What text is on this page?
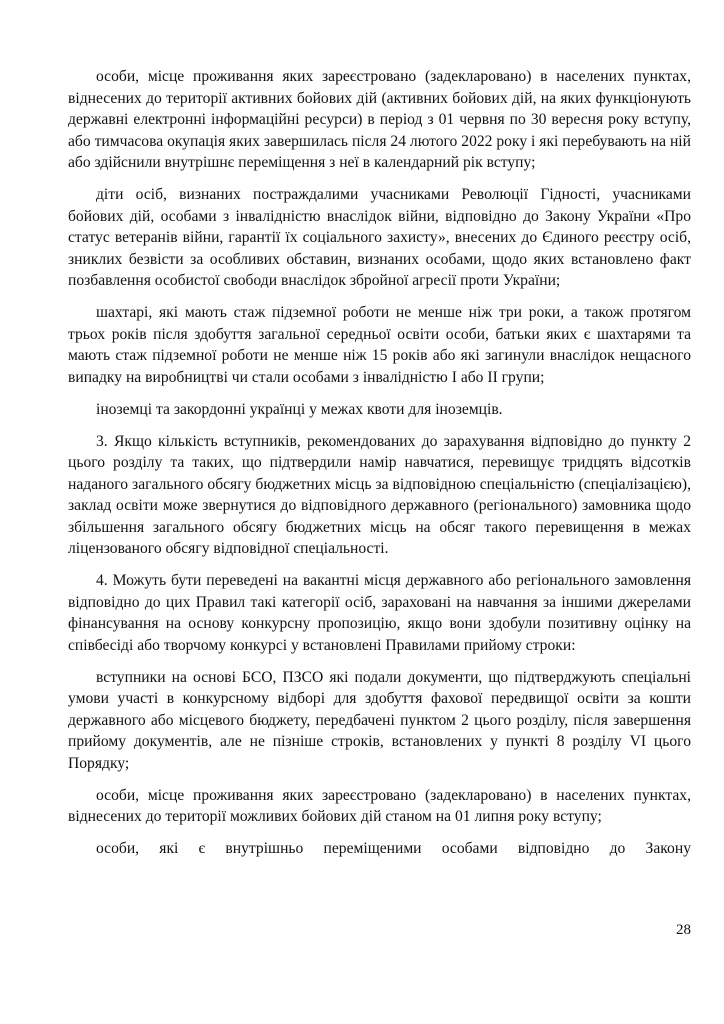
особи, місце проживання яких зареєстровано (задекларовано) в населених пунктах, віднесених до території активних бойових дій (активних бойових дій, на яких функціонують державні електронні інформаційні ресурси) в період з 01 червня по 30 вересня року вступу, або тимчасова окупація яких завершилась після 24 лютого 2022 року і які перебувають на ній або здійснили внутрішнє переміщення з неї в календарний рік вступу;

діти осіб, визнаних постраждалими учасниками Революції Гідності, учасниками бойових дій, особами з інвалідністю внаслідок війни, відповідно до Закону України «Про статус ветеранів війни, гарантії їх соціального захисту», внесених до Єдиного реєстру осіб, зниклих безвісти за особливих обставин, визнаних особами, щодо яких встановлено факт позбавлення особистої свободи внаслідок збройної агресії проти України;

шахтарі, які мають стаж підземної роботи не менше ніж три роки, а також протягом трьох років після здобуття загальної середньої освіти особи, батьки яких є шахтарями та мають стаж підземної роботи не менше ніж 15 років або які загинули внаслідок нещасного випадку на виробництві чи стали особами з інвалідністю I або II групи;

іноземці та закордонні українці у межах квоти для іноземців.

3. Якщо кількість вступників, рекомендованих до зарахування відповідно до пункту 2 цього розділу та таких, що підтвердили намір навчатися, перевищує тридцять відсотків наданого загального обсягу бюджетних місць за відповідною спеціальністю (спеціалізацією), заклад освіти може звернутися до відповідного державного (регіонального) замовника щодо збільшення загального обсягу бюджетних місць на обсяг такого перевищення в межах ліцензованого обсягу відповідної спеціальності.

4. Можуть бути переведені на вакантні місця державного або регіонального замовлення відповідно до цих Правил такі категорії осіб, зараховані на навчання за іншими джерелами фінансування на основу конкурсну пропозицію, якщо вони здобули позитивну оцінку на співбесіді або творчому конкурсі у встановлені Правилами прийому строки:

вступники на основі БСО, ПЗСО які подали документи, що підтверджують спеціальні умови участі в конкурсному відборі для здобуття фахової передвищої освіти за кошти державного або місцевого бюджету, передбачені пунктом 2 цього розділу, після завершення прийому документів, але не пізніше строків, встановлених у пункті 8 розділу VI цього Порядку;

особи, місце проживання яких зареєстровано (задекларовано) в населених пунктах, віднесених до території можливих бойових дій станом на 01 липня року вступу;

особи, які є внутрішньо переміщеними особами відповідно до Закону

28
